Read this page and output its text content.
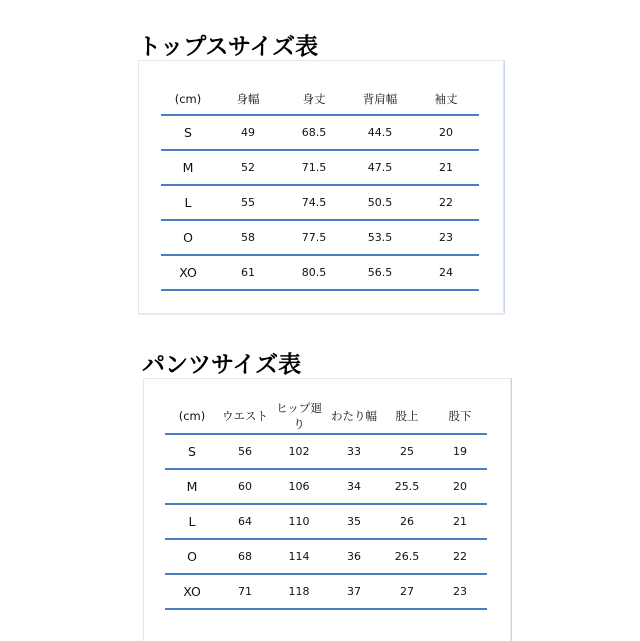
トップスサイズ表
(cm)	身幅	身丈	背肩幅	袖丈
S	49	68.5	44.5	20
M	52	71.5	47.5	21
L	55	74.5	50.5	22
O	58	77.5	53.5	23
XO	61	80.5	56.5	24
パンツサイズ表
(cm)	ウエスト	ヒップ廻り	わたり幅	股上	股下
S	56	102	33	25	19
M	60	106	34	25.5	20
L	64	110	35	26	21
O	68	114	36	26.5	22
XO	71	118	37	27	23
